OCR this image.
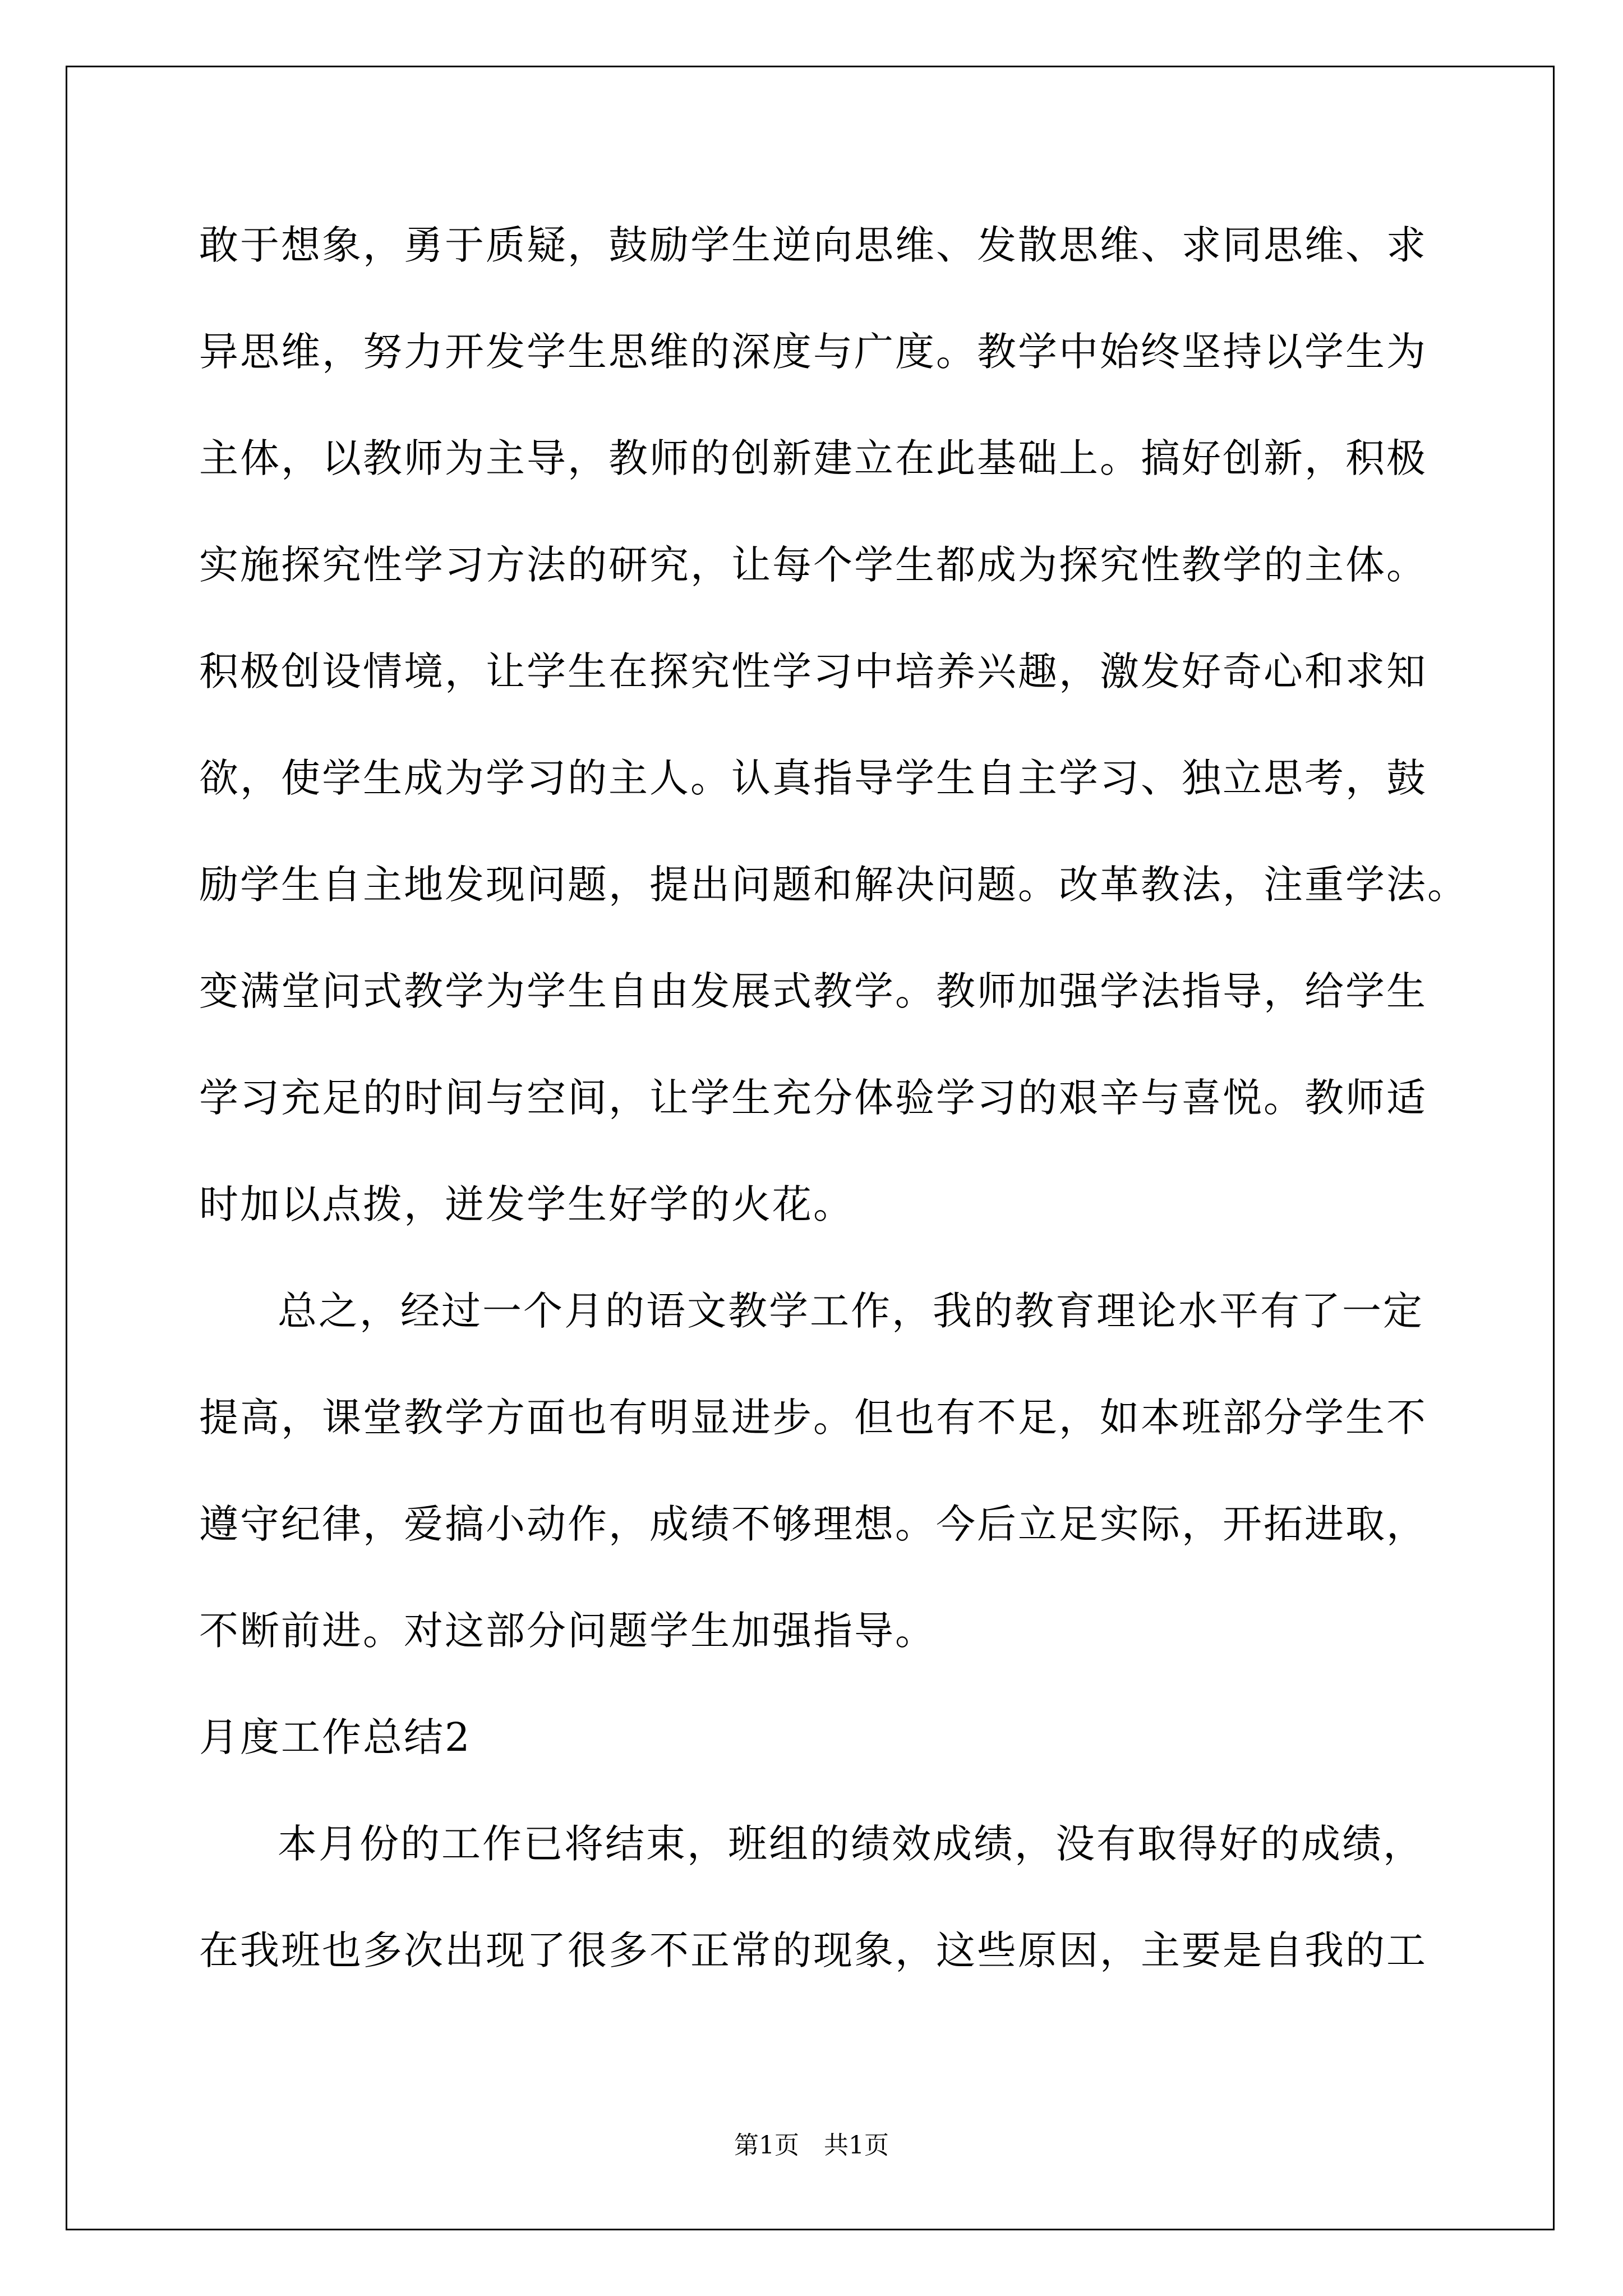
敢于想象，勇于质疑，鼓励学生逆向思维、发散思维、求同思维、求
异思维，努力开发学生思维的深度与广度。教学中始终坚持以学生为
主体，以教师为主导，教师的创新建立在此基础上。搞好创新，积极
实施探究性学习方法的研究，让每个学生都成为探究性教学的主体。
积极创设情境，让学生在探究性学习中培养兴趣，激发好奇心和求知
欲，使学生成为学习的主人。认真指导学生自主学习、独立思考，鼓
励学生自主地发现问题，提出问题和解决问题。改革教法，注重学法。
变满堂问式教学为学生自由发展式教学。教师加强学法指导，给学生
学习充足的时间与空间，让学生充分体验学习的艰辛与喜悦。教师适
时加以点拨，迸发学生好学的火花。
总之，经过一个月的语文教学工作，我的教育理论水平有了一定
提高，课堂教学方面也有明显进步。但也有不足，如本班部分学生不
遵守纪律，爱搞小动作，成绩不够理想。今后立足实际，开拓进取，
不断前进。对这部分问题学生加强指导。
月度工作总结2
本月份的工作已将结束，班组的绩效成绩，没有取得好的成绩，
在我班也多次出现了很多不正常的现象，这些原因，主要是自我的工
第1页　共1页
